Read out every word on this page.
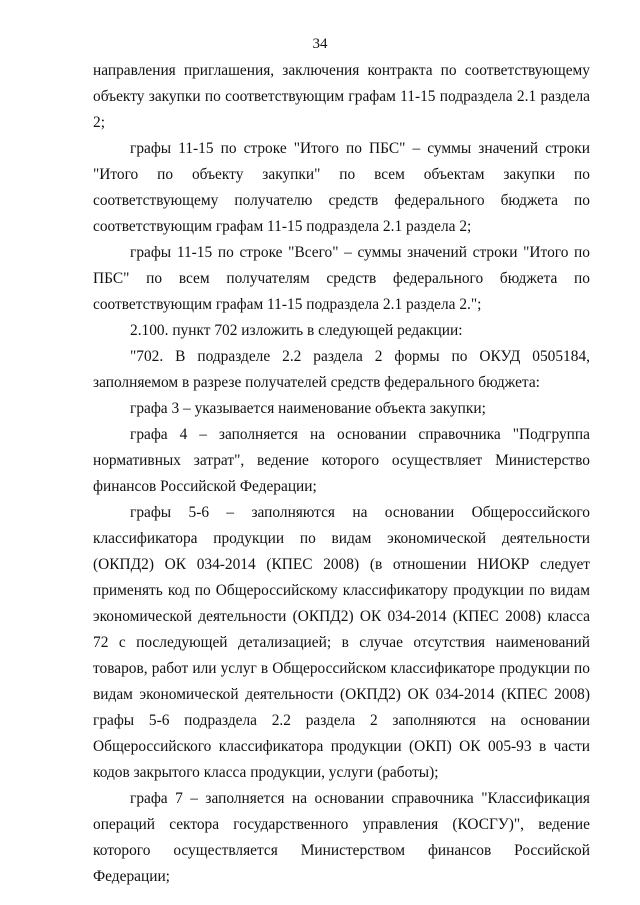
34

направления приглашения, заключения контракта по соответствующему объекту закупки по соответствующим графам 11-15 подраздела 2.1 раздела 2;

графы 11-15 по строке "Итого по ПБС" – суммы значений строки "Итого по объекту закупки" по всем объектам закупки по соответствующему получателю средств федерального бюджета по соответствующим графам 11-15 подраздела 2.1 раздела 2;

графы 11-15 по строке "Всего" – суммы значений строки "Итого по ПБС" по всем получателям средств федерального бюджета по соответствующим графам 11-15 подраздела 2.1 раздела 2.";

2.100. пункт 702 изложить в следующей редакции:

"702. В подразделе 2.2 раздела 2 формы по ОКУД 0505184, заполняемом в разрезе получателей средств федерального бюджета:

графа 3 – указывается наименование объекта закупки;

графа 4 – заполняется на основании справочника "Подгруппа нормативных затрат", ведение которого осуществляет Министерство финансов Российской Федерации;

графы 5-6 – заполняются на основании Общероссийского классификатора продукции по видам экономической деятельности (ОКПД2) ОК 034-2014 (КПЕС 2008) (в отношении НИОКР следует применять код по Общероссийскому классификатору продукции по видам экономической деятельности (ОКПД2) ОК 034-2014 (КПЕС 2008) класса 72 с последующей детализацией; в случае отсутствия наименований товаров, работ или услуг в Общероссийском классификаторе продукции по видам экономической деятельности (ОКПД2) ОК 034-2014 (КПЕС 2008) графы 5-6 подраздела 2.2 раздела 2 заполняются на основании Общероссийского классификатора продукции (ОКП) ОК 005-93 в части кодов закрытого класса продукции, услуги (работы);

графа 7 – заполняется на основании справочника "Классификация операций сектора государственного управления (КОСГУ)", ведение которого осуществляется Министерством финансов Российской Федерации;
